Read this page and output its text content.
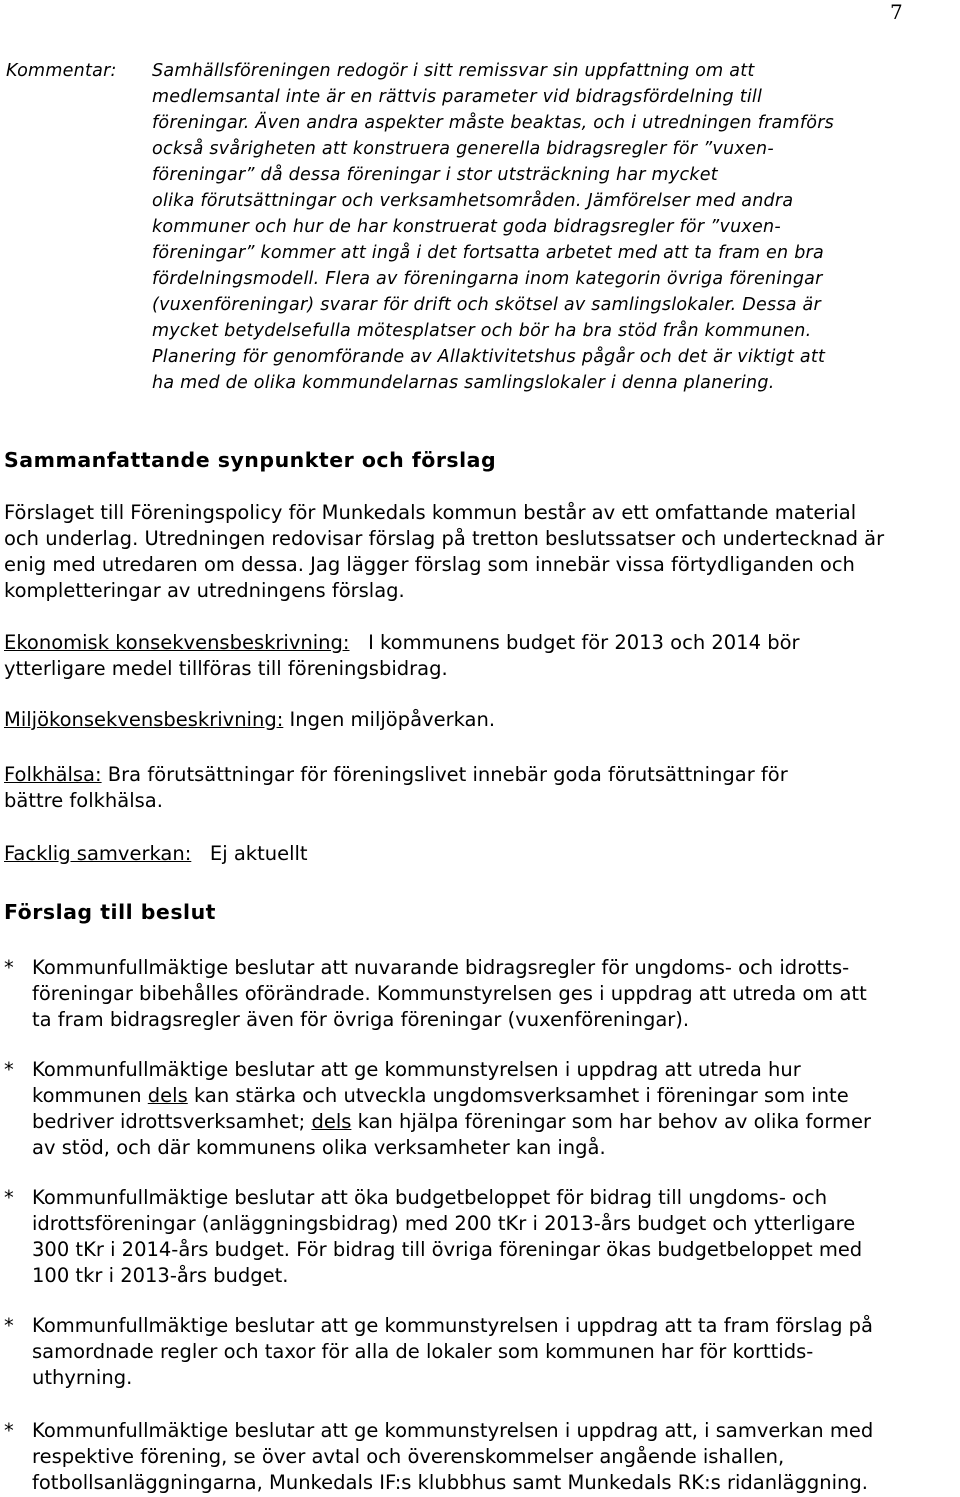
7
Kommentar: Samhällsföreningen redogör i sitt remissvar sin uppfattning om att
medlemsantal inte är en rättvis parameter vid bidragsfördelning till
föreningar. Även andra aspekter måste beaktas, och i utredningen framförs
också svårigheten att konstruera generella bidragsregler för ”vuxen-
föreningar” då dessa föreningar i stor utsträckning har mycket
olika förutsättningar och verksamhetsområden. Jämförelser med andra
kommuner och hur de har konstruerat goda bidragsregler för ”vuxen-
föreningar” kommer att ingå i det fortsatta arbetet med att ta fram en bra
fördelningsmodell. Flera av föreningarna inom kategorin övriga föreningar
(vuxenföreningar) svarar för drift och skötsel av samlingslokaler. Dessa är
mycket betydelsefulla mötesplatser och bör ha bra stöd från kommunen.
Planering för genomförande av Allaktivitetshus pågår och det är viktigt att
ha med de olika kommundelarnas samlingslokaler i denna planering.
Sammanfattande synpunkter och förslag
Förslaget till Föreningspolicy för Munkedals kommun består av ett omfattande material
och underlag. Utredningen redovisar förslag på tretton beslutssatser och undertecknad är
enig med utredaren om dessa. Jag lägger förslag som innebär vissa förtydliganden och
kompletteringar av utredningens förslag.
Ekonomisk konsekvensbeskrivning: I kommunens budget för 2013 och 2014 bör
ytterligare medel tillföras till föreningsbidrag.
Miljökonsekvensbeskrivning: Ingen miljöpåverkan.
Folkhälsa: Bra förutsättningar för föreningslivet innebär goda förutsättningar för
bättre folkhälsa.
Facklig samverkan: Ej aktuellt
Förslag till beslut
* Kommunfullmäktige beslutar att nuvarande bidragsregler för ungdoms- och idrotts-
föreningar bibehålles oförändrade. Kommunstyrelsen ges i uppdrag att utreda om att
ta fram bidragsregler även för övriga föreningar (vuxenföreningar).
* Kommunfullmäktige beslutar att ge kommunstyrelsen i uppdrag att utreda hur
kommunen dels kan stärka och utveckla ungdomsverksamhet i föreningar som inte
bedriver idrottsverksamhet; dels kan hjälpa föreningar som har behov av olika former
av stöd, och där kommunens olika verksamheter kan ingå.
* Kommunfullmäktige beslutar att öka budgetbeloppet för bidrag till ungdoms- och
idrottsföreningar (anläggningsbidrag) med 200 tKr i 2013-års budget och ytterligare
300 tKr i 2014-års budget. För bidrag till övriga föreningar ökas budgetbeloppet med
100 tkr i 2013-års budget.
* Kommunfullmäktige beslutar att ge kommunstyrelsen i uppdrag att ta fram förslag på
samordnade regler och taxor för alla de lokaler som kommunen har för korttids-
uthyrning.
* Kommunfullmäktige beslutar att ge kommunstyrelsen i uppdrag att, i samverkan med
respektive förening, se över avtal och överenskommelser angående ishallen,
fotbollsanläggningarna, Munkedals IF:s klubbhus samt Munkedals RK:s ridanläggning.
